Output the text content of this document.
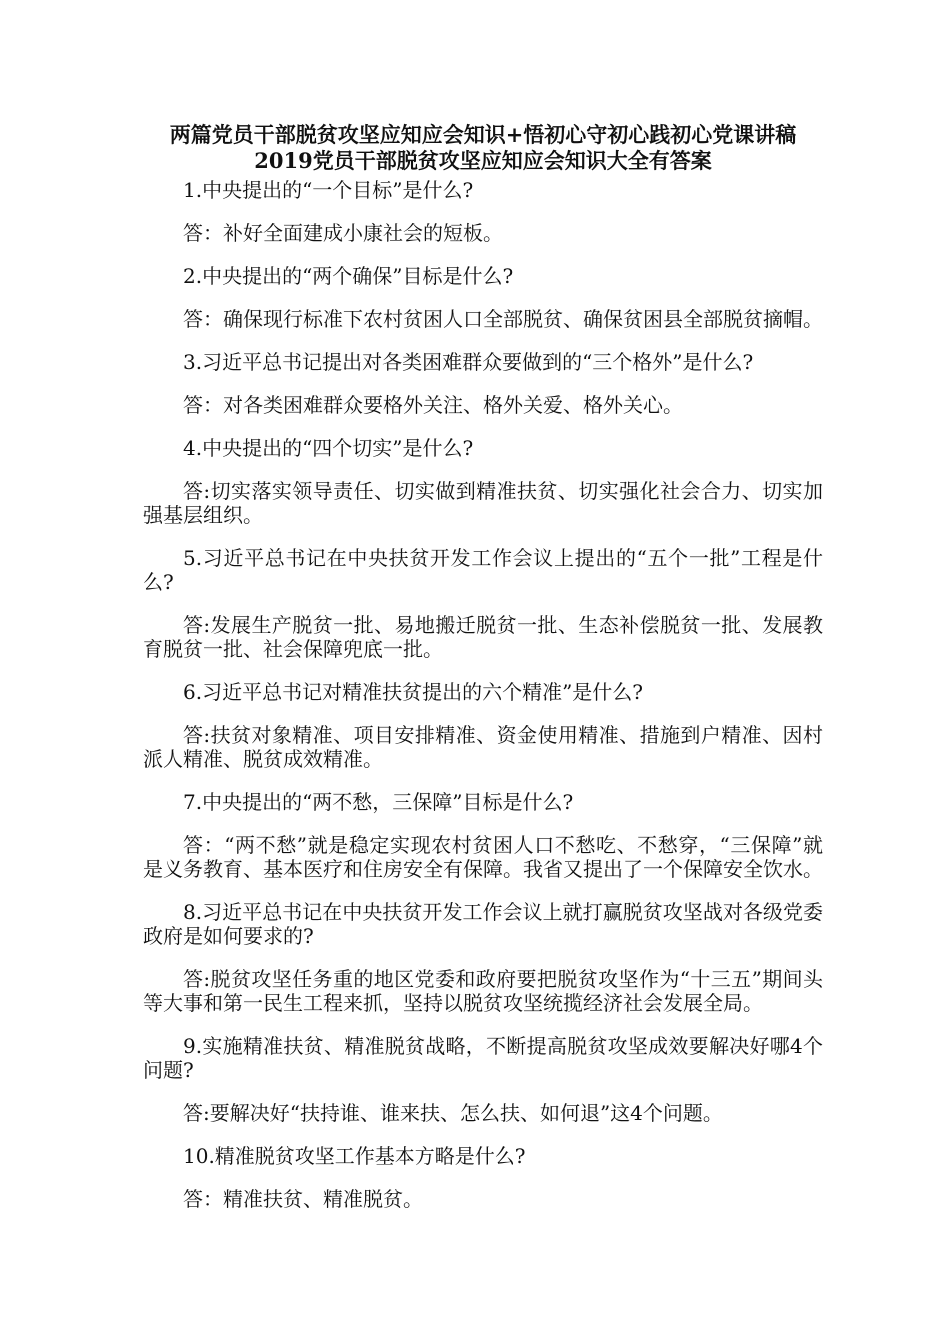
两篇党员干部脱贫攻坚应知应会知识+悟初心守初心践初心党课讲稿
2019党员干部脱贫攻坚应知应会知识大全有答案

1.中央提出的“一个目标”是什么?

答：补好全面建成小康社会的短板。

2.中央提出的“两个确保”目标是什么?

答：确保现行标准下农村贫困人口全部脱贫、确保贫困县全部脱贫摘帽。

3.习近平总书记提出对各类困难群众要做到的“三个格外”是什么?

答：对各类困难群众要格外关注、格外关爱、格外关心。

4.中央提出的“四个切实”是什么?

答:切实落实领导责任、切实做到精准扶贫、切实强化社会合力、切实加强基层组织。

5.习近平总书记在中央扶贫开发工作会议上提出的“五个一批”工程是什么?

答:发展生产脱贫一批、易地搬迁脱贫一批、生态补偿脱贫一批、发展教育脱贫一批、社会保障兜底一批。

6.习近平总书记对精准扶贫提出的六个精准”是什么?

答:扶贫对象精准、项目安排精准、资金使用精准、措施到户精准、因村派人精准、脱贫成效精准。

7.中央提出的“两不愁，三保障”目标是什么?

答：“两不愁”就是稳定实现农村贫困人口不愁吃、不愁穿，“三保障”就是义务教育、基本医疗和住房安全有保障。我省又提出了一个保障安全饮水。

8.习近平总书记在中央扶贫开发工作会议上就打赢脱贫攻坚战对各级党委政府是如何要求的?

答:脱贫攻坚任务重的地区党委和政府要把脱贫攻坚作为“十三五”期间头等大事和第一民生工程来抓，坚持以脱贫攻坚统揽经济社会发展全局。

9.实施精准扶贫、精准脱贫战略，不断提高脱贫攻坚成效要解决好哪4个问题?

答:要解决好“扶持谁、谁来扶、怎么扶、如何退”这4个问题。

10.精准脱贫攻坚工作基本方略是什么?

答：精准扶贫、精准脱贫。
